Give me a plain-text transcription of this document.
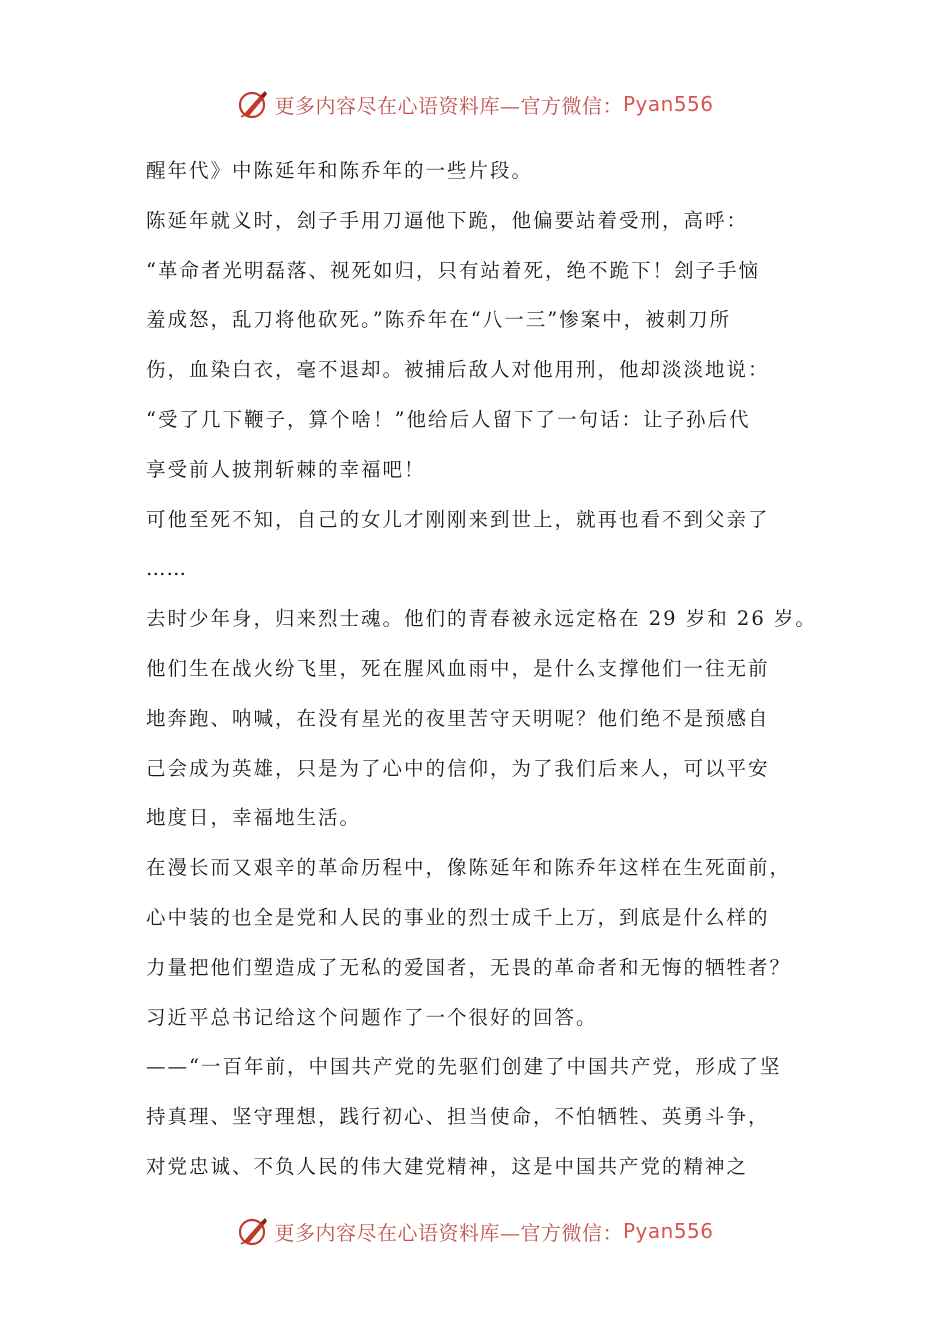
更多内容尽在心语资料库—官方微信： Pyan556
醒年代》中陈延年和陈乔年的一些片段。
陈延年就义时，刽子手用刀逼他下跪，他偏要站着受刑，高呼：
“革命者光明磊落、视死如归，只有站着死，绝不跪下！刽子手恼
羞成怒，乱刀将他砍死。”陈乔年在“八一三”惨案中，被刺刀所
伤，血染白衣，毫不退却。被捕后敌人对他用刑，他却淡淡地说：
“受了几下鞭子，算个啥！”他给后人留下了一句话：让子孙后代
享受前人披荆斩棘的幸福吧！
可他至死不知，自己的女儿才刚刚来到世上，就再也看不到父亲了
……
去时少年身，归来烈士魂。他们的青春被永远定格在 29 岁和 26 岁。
他们生在战火纷飞里，死在腥风血雨中，是什么支撑他们一往无前
地奔跑、呐喊，在没有星光的夜里苦守天明呢？他们绝不是预感自
己会成为英雄，只是为了心中的信仰，为了我们后来人，可以平安
地度日，幸福地生活。
在漫长而又艰辛的革命历程中，像陈延年和陈乔年这样在生死面前，
心中装的也全是党和人民的事业的烈士成千上万，到底是什么样的
力量把他们塑造成了无私的爱国者，无畏的革命者和无悔的牺牲者？
习近平总书记给这个问题作了一个很好的回答。
——“一百年前，中国共产党的先驱们创建了中国共产党，形成了坚
持真理、坚守理想，践行初心、担当使命，不怕牺牲、英勇斗争，
对党忠诚、不负人民的伟大建党精神，这是中国共产党的精神之
更多内容尽在心语资料库—官方微信： Pyan556
